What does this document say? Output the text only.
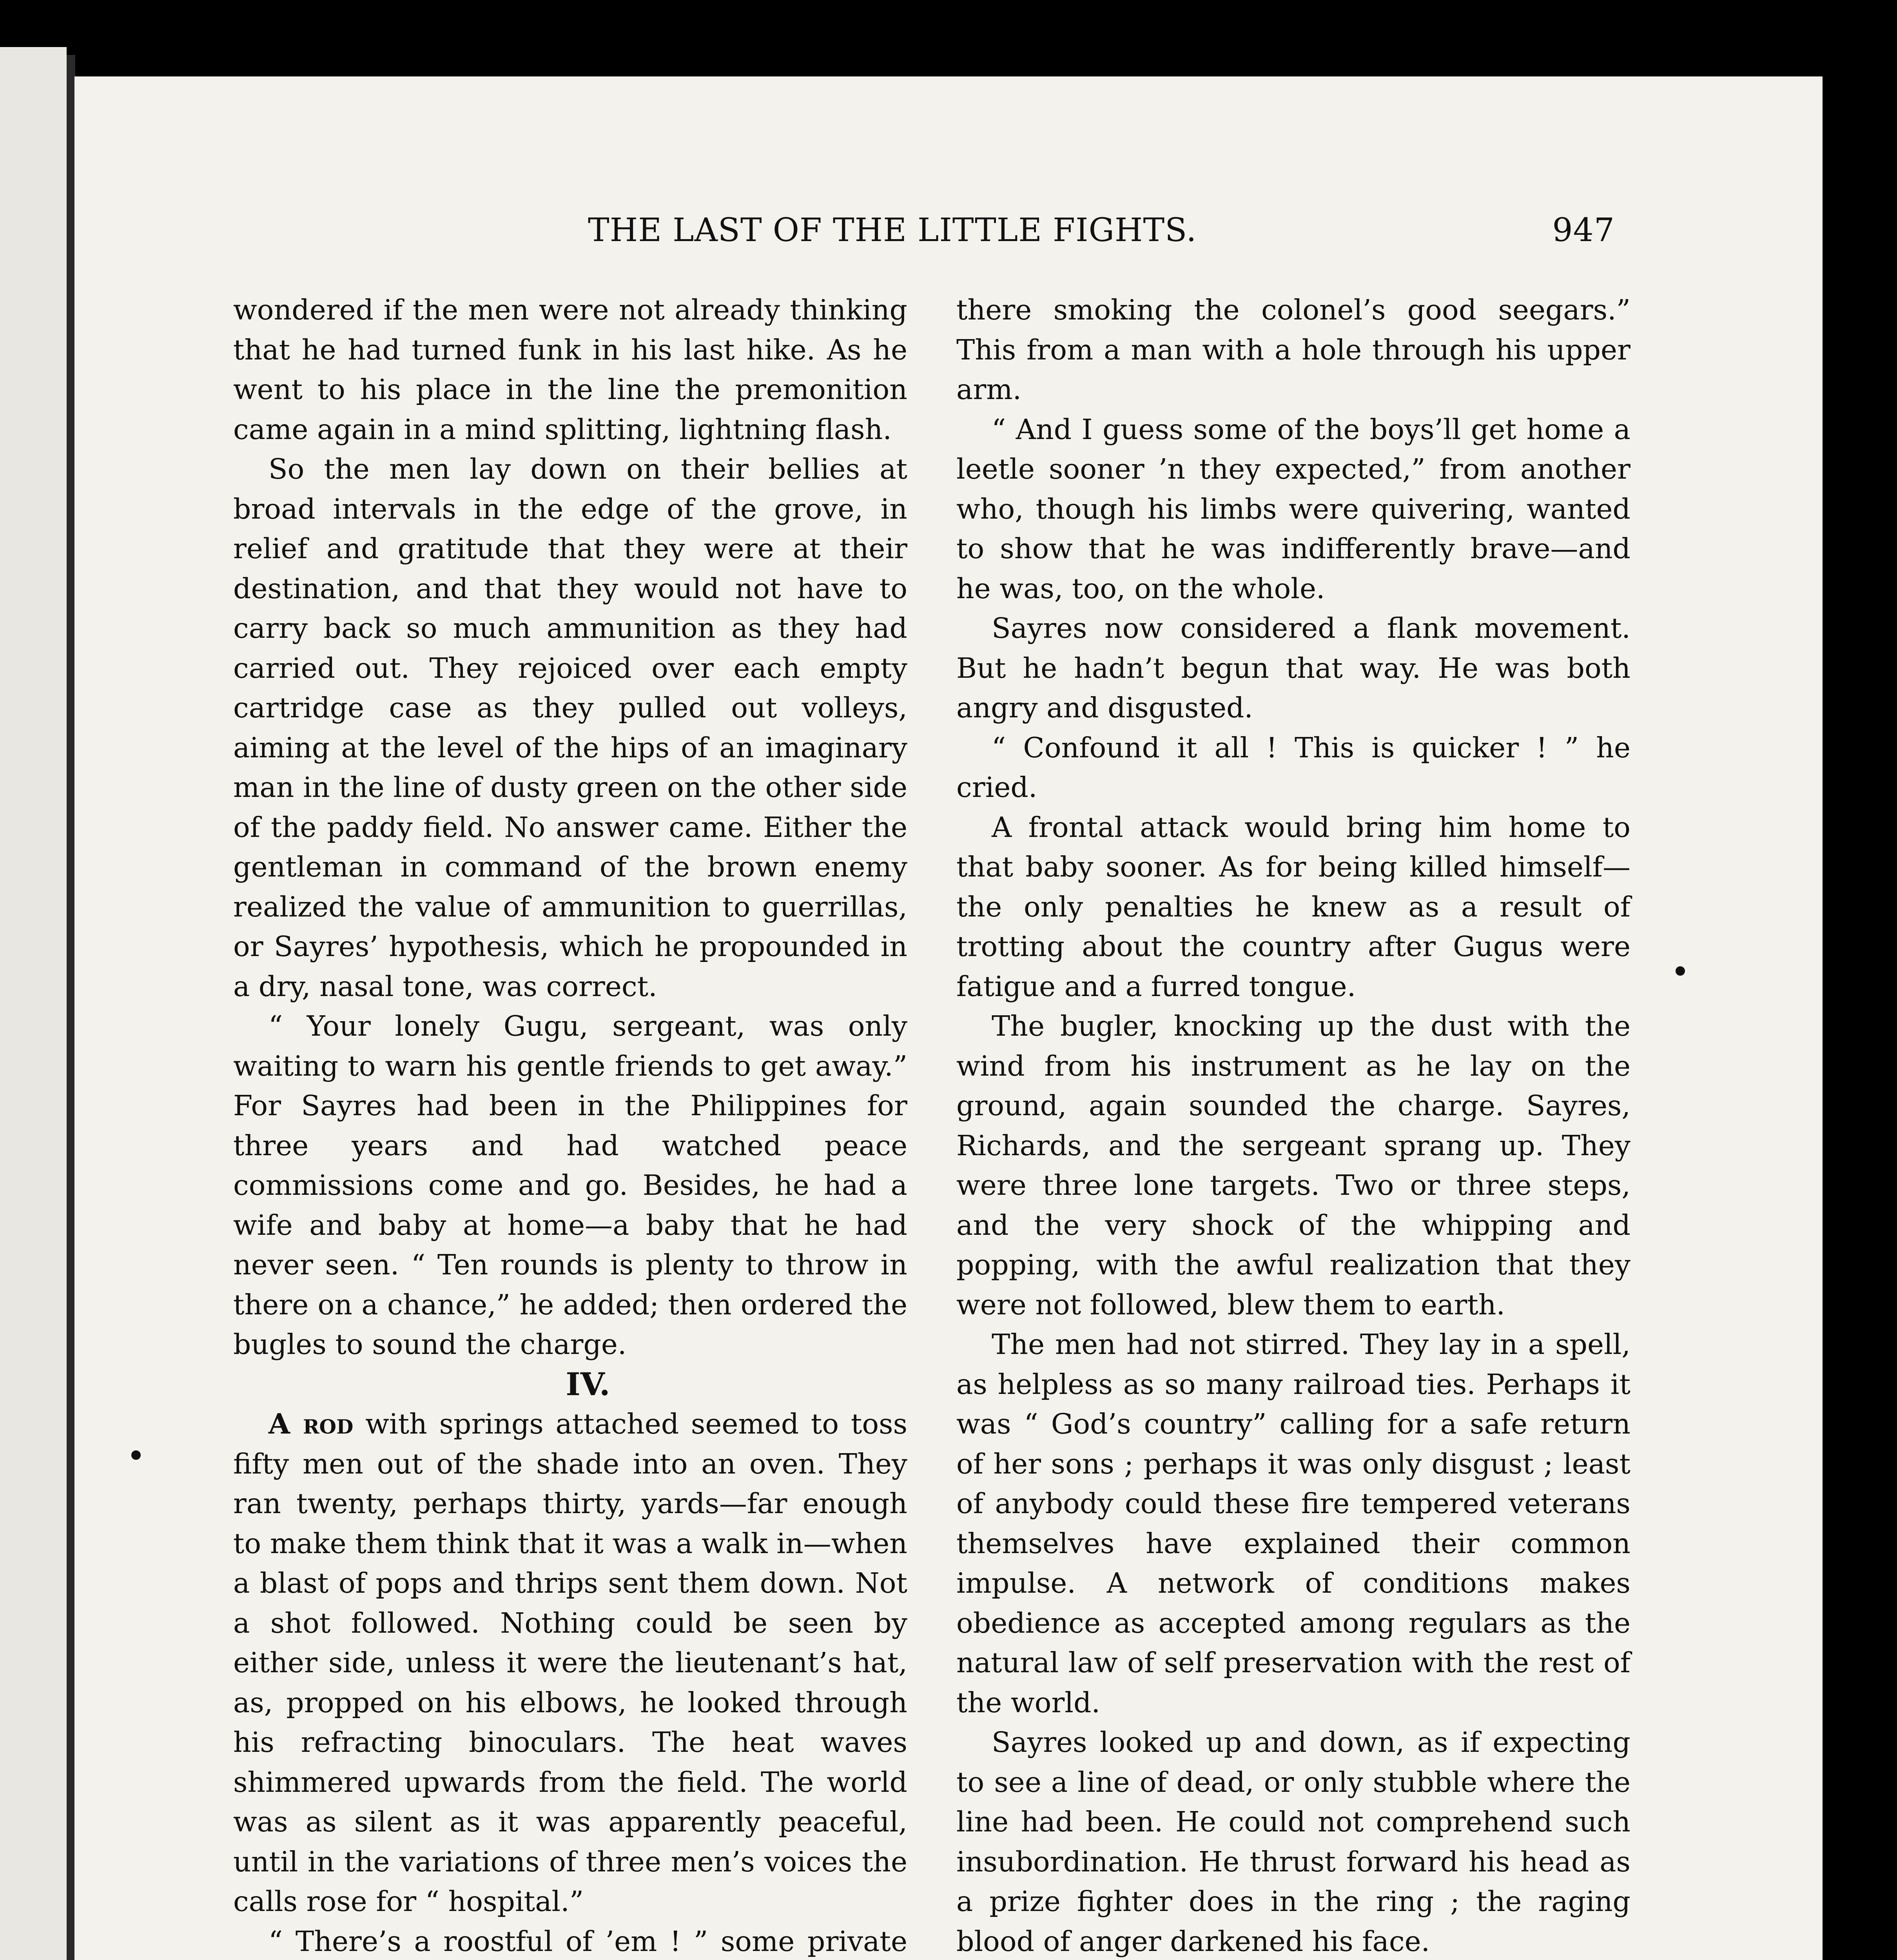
THE LAST OF THE LITTLE FIGHTS.	947

wondered if the men were not already thinking that he had turned funk in his last hike. As he went to his place in the line the premonition came again in a mind splitting, lightning flash.

So the men lay down on their bellies at broad intervals in the edge of the grove, in relief and gratitude that they were at their destination, and that they would not have to carry back so much ammunition as they had carried out. They rejoiced over each empty cartridge case as they pulled out volleys, aiming at the level of the hips of an imaginary man in the line of dusty green on the other side of the paddy field. No answer came. Either the gentleman in command of the brown enemy realized the value of ammunition to guerrillas, or Sayres’ hypothesis, which he propounded in a dry, nasal tone, was correct.

“ Your lonely Gugu, sergeant, was only waiting to warn his gentle friends to get away.” For Sayres had been in the Philippines for three years and had watched peace commissions come and go. Besides, he had a wife and baby at home—a baby that he had never seen. “ Ten rounds is plenty to throw in there on a chance,” he added; then ordered the bugles to sound the charge.

IV.

A rod with springs attached seemed to toss fifty men out of the shade into an oven. They ran twenty, perhaps thirty, yards—far enough to make them think that it was a walk in—when a blast of pops and thrips sent them down. Not a shot followed. Nothing could be seen by either side, unless it were the lieutenant’s hat, as, propped on his elbows, he looked through his refracting binoculars. The heat waves shimmered upwards from the field. The world was as silent as it was apparently peaceful, until in the variations of three men’s voices the calls rose for “ hospital.”

“ There’s a roostful of ’em ! ” some private

there smoking the colonel’s good seegars.” This from a man with a hole through his upper arm.

“ And I guess some of the boys’ll get home a leetle sooner ’n they expected,” from another who, though his limbs were quivering, wanted to show that he was indifferently brave—and he was, too, on the whole.

Sayres now considered a flank movement. But he hadn’t begun that way. He was both angry and disgusted.

“ Confound it all ! This is quicker ! ” he cried.

A frontal attack would bring him home to that baby sooner. As for being killed himself—the only penalties he knew as a result of trotting about the country after Gugus were fatigue and a furred tongue.

The bugler, knocking up the dust with the wind from his instrument as he lay on the ground, again sounded the charge. Sayres, Richards, and the sergeant sprang up. They were three lone targets. Two or three steps, and the very shock of the whipping and popping, with the awful realization that they were not followed, blew them to earth.

The men had not stirred. They lay in a spell, as helpless as so many railroad ties. Perhaps it was “ God’s country” calling for a safe return of her sons ; perhaps it was only disgust ; least of anybody could these fire tempered veterans themselves have explained their common impulse. A network of conditions makes obedience as accepted among regulars as the natural law of self preservation with the rest of the world.

Sayres looked up and down, as if expecting to see a line of dead, or only stubble where the line had been. He could not comprehend such insubordination. He thrust forward his head as a prize fighter does in the ring ; the raging blood of anger darkened his face.
